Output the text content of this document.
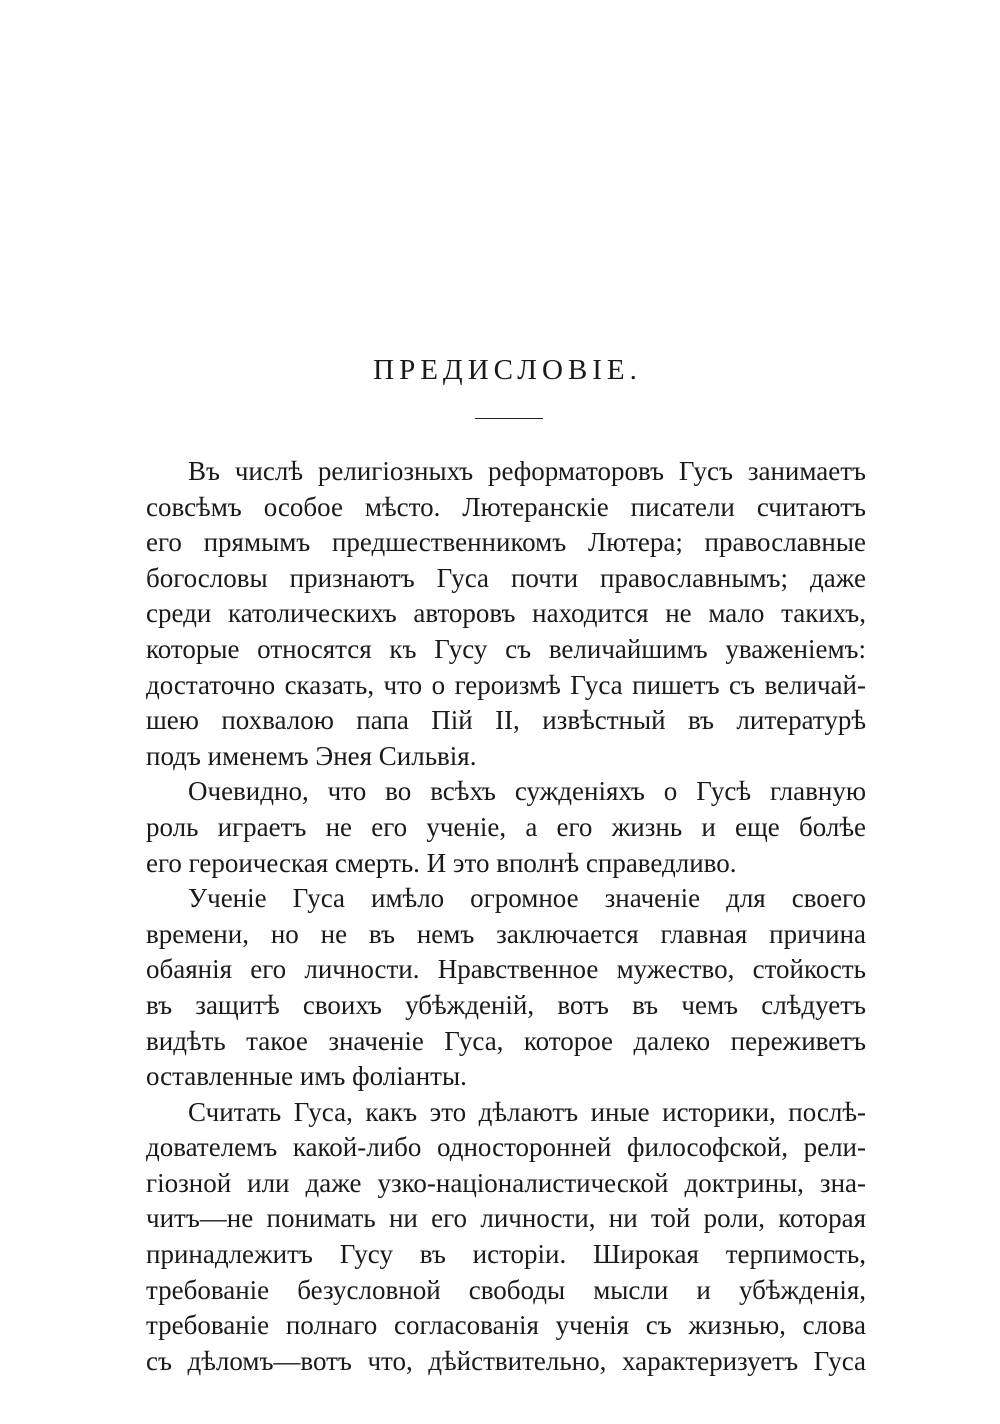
ПРЕДИСЛОВІЕ.
Въ числѣ религіозныхъ реформаторовъ Гусъ занимаетъ
совсѣмъ особое мѣсто. Лютеранскіе писатели считаютъ
его прямымъ предшественникомъ Лютера; православные
богословы признаютъ Гуса почти православнымъ; даже
среди католическихъ авторовъ находится не мало такихъ,
которые относятся къ Гусу съ величайшимъ уваженіемъ:
достаточно сказать, что о героизмѣ Гуса пишетъ съ величай-
шею похвалою папа Пій II, извѣстный въ литературѣ
подъ именемъ Энея Сильвія.
Очевидно, что во всѣхъ сужденіяхъ о Гусѣ главную
роль играетъ не его ученіе, а его жизнь и еще болѣе
его героическая смерть. И это вполнѣ справедливо.
Ученіе Гуса имѣло огромное значеніе для своего
времени, но не въ немъ заключается главная причина
обаянія его личности. Нравственное мужество, стойкость
въ защитѣ своихъ убѣжденій, вотъ въ чемъ слѣдуетъ
видѣть такое значеніе Гуса, которое далеко переживетъ
оставленные имъ фоліанты.
Считать Гуса, какъ это дѣлаютъ иные историки, послѣ-
дователемъ какой-либо односторонней философской, рели-
гіозной или даже узко-націоналистической доктрины, зна-
читъ—не понимать ни его личности, ни той роли, которая
принадлежитъ Гусу въ исторіи. Широкая терпимость,
требованіе безусловной свободы мысли и убѣжденія,
требованіе полнаго согласованія ученія съ жизнью, слова
съ дѣломъ—вотъ что, дѣйствительно, характеризуетъ Гуса
